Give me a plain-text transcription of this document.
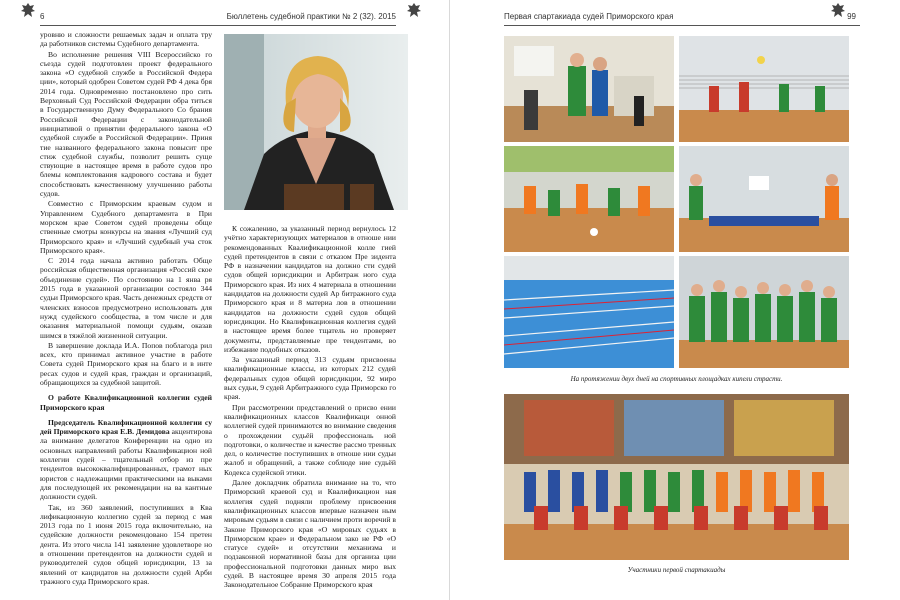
6	Бюллетень судебной практики № 2 (32). 2015

уровню и сложности решаемых задач и оплата тру да работников системы Судебного департамента.

Во исполнение решения VIII Всероссийско го съезда судей подготовлен проект федерального закона «О судебной службе в Российской Федера ции», который одобрен Советом судей РФ 4 дека бря 2014 года. Одновременно постановлено про сить Верховный Суд Российской Федерации обра титься в Государственную Думу Федерального Со брания Российской Федерации с законодательной инициативой о принятии федерального закона «О судебной службе в Российской Федерации». Приня тие названного федерального закона повысит пре стиж судебной службы, позволит решить суще ствующие в настоящее время в работе судов про блемы комплектования кадрового состава и будет способствовать качественному улучшению работы судов.

Совместно с Приморским краевым судом и Управлением Судебного департамента в При морском крае Советом судей проведены обще ственные смотры конкурсы на звания «Лучший суд Приморского края» и «Лучший судебный уча сток Приморского края».

С 2014 года начала активно работать Обще российская общественная организация «Россий ское объединение судей». По состоянию на 1 янва ря 2015 года в указанной организации состояло 344 судьи Приморского края. Часть денежных средств от членских взносов предусмотрено использовать для нужд судейского сообщества, в том числе и для оказания материальной помощи судьям, оказав шимся в тяжёлой жизненной ситуации.

В завершение доклада И.А. Попов поблагода рил всех, кто принимал активное участие в работе Совета судей Приморского края на благо и в инте ресах судов и судей края, граждан и организаций, обращающихся за судебной защитой.

О работе Квалификационной коллегии судей Приморского края

Председатель Квалификационной коллегии су дей Приморского края Е.В. Демидова акцентирова ла внимание делегатов Конференции на одно из основных направлений работы Квалификацион ной коллегии судей – тщательный отбор из пре тендентов высококвалифицированных, грамот ных юристов с надлежащими практическими на выками для последующей их рекомендации на ва кантные должности судей.

Так, из 360 заявлений, поступивших в Ква лификационную коллегию судей за период с мая 2013 года по 1 июня 2015 года включительно, на судейские должности рекомендовано 154 претен дента. Из этого числа 141 заявление удовлетворе но в отношении претендентов на должности судей и руководителей судов общей юрисдикции, 13 за явлений от кандидатов на должности судей Арби тражного суда Приморского края.

К сожалению, за указанный период вернулось 12 учётно характеризующих материалов в отноше нии рекомендованных Квалификационной колле гией судей претендентов в связи с отказом Пре зидента РФ в назначении кандидатов на должно сти судей судов общей юрисдикции и Арбитраж ного суда Приморского края. Из них 4 материала в отношении кандидатов на должности судей Ар битражного суда Приморского края и 8 материа лов в отношении кандидатов на должности судей судов общей юрисдикции. Но Квалификационная коллегия судей в настоящее время более тщатель но проверяет документы, представляемые пре тендентами, во избежание подобных отказов.

За указанный период 313 судьям присвоены квалификационные классы, из которых 212 судей федеральных судов общей юрисдикции, 92 миро вых судьи, 9 судей Арбитражного суда Приморско го края.

При рассмотрении представлений о присво ении квалификационных классов Квалификаци онной коллегией судей принимаются во внимание сведения о прохождении судьёй профессиональ ной подготовки, о количестве и качестве рассмо тренных дел, о количестве поступивших в отноше нии судьи жалоб и обращений, а также соблюде ние судьёй Кодекса судейской этики.

Далее докладчик обратила внимание на то, что Приморский краевой суд и Квалификацион ная коллегия судей подняли проблему присвоения квалификационных классов впервые назначен ным мировым судьям в связи с наличием проти воречий в Законе Приморского края «О мировых судьях в Приморском крае» и Федеральном зако не РФ «О статусе судей» и отсутствии механизма и подзаконной нормативной базы для организа ции профессиональной подготовки данных миро вых судей. В настоящее время 30 апреля 2015 года Законодательное Собрание Приморского края

Первая спартакиада судей Приморского края	99
На протяжении двух дней на спортивных площадках кипели страсти.
Участники первой спартакиады
